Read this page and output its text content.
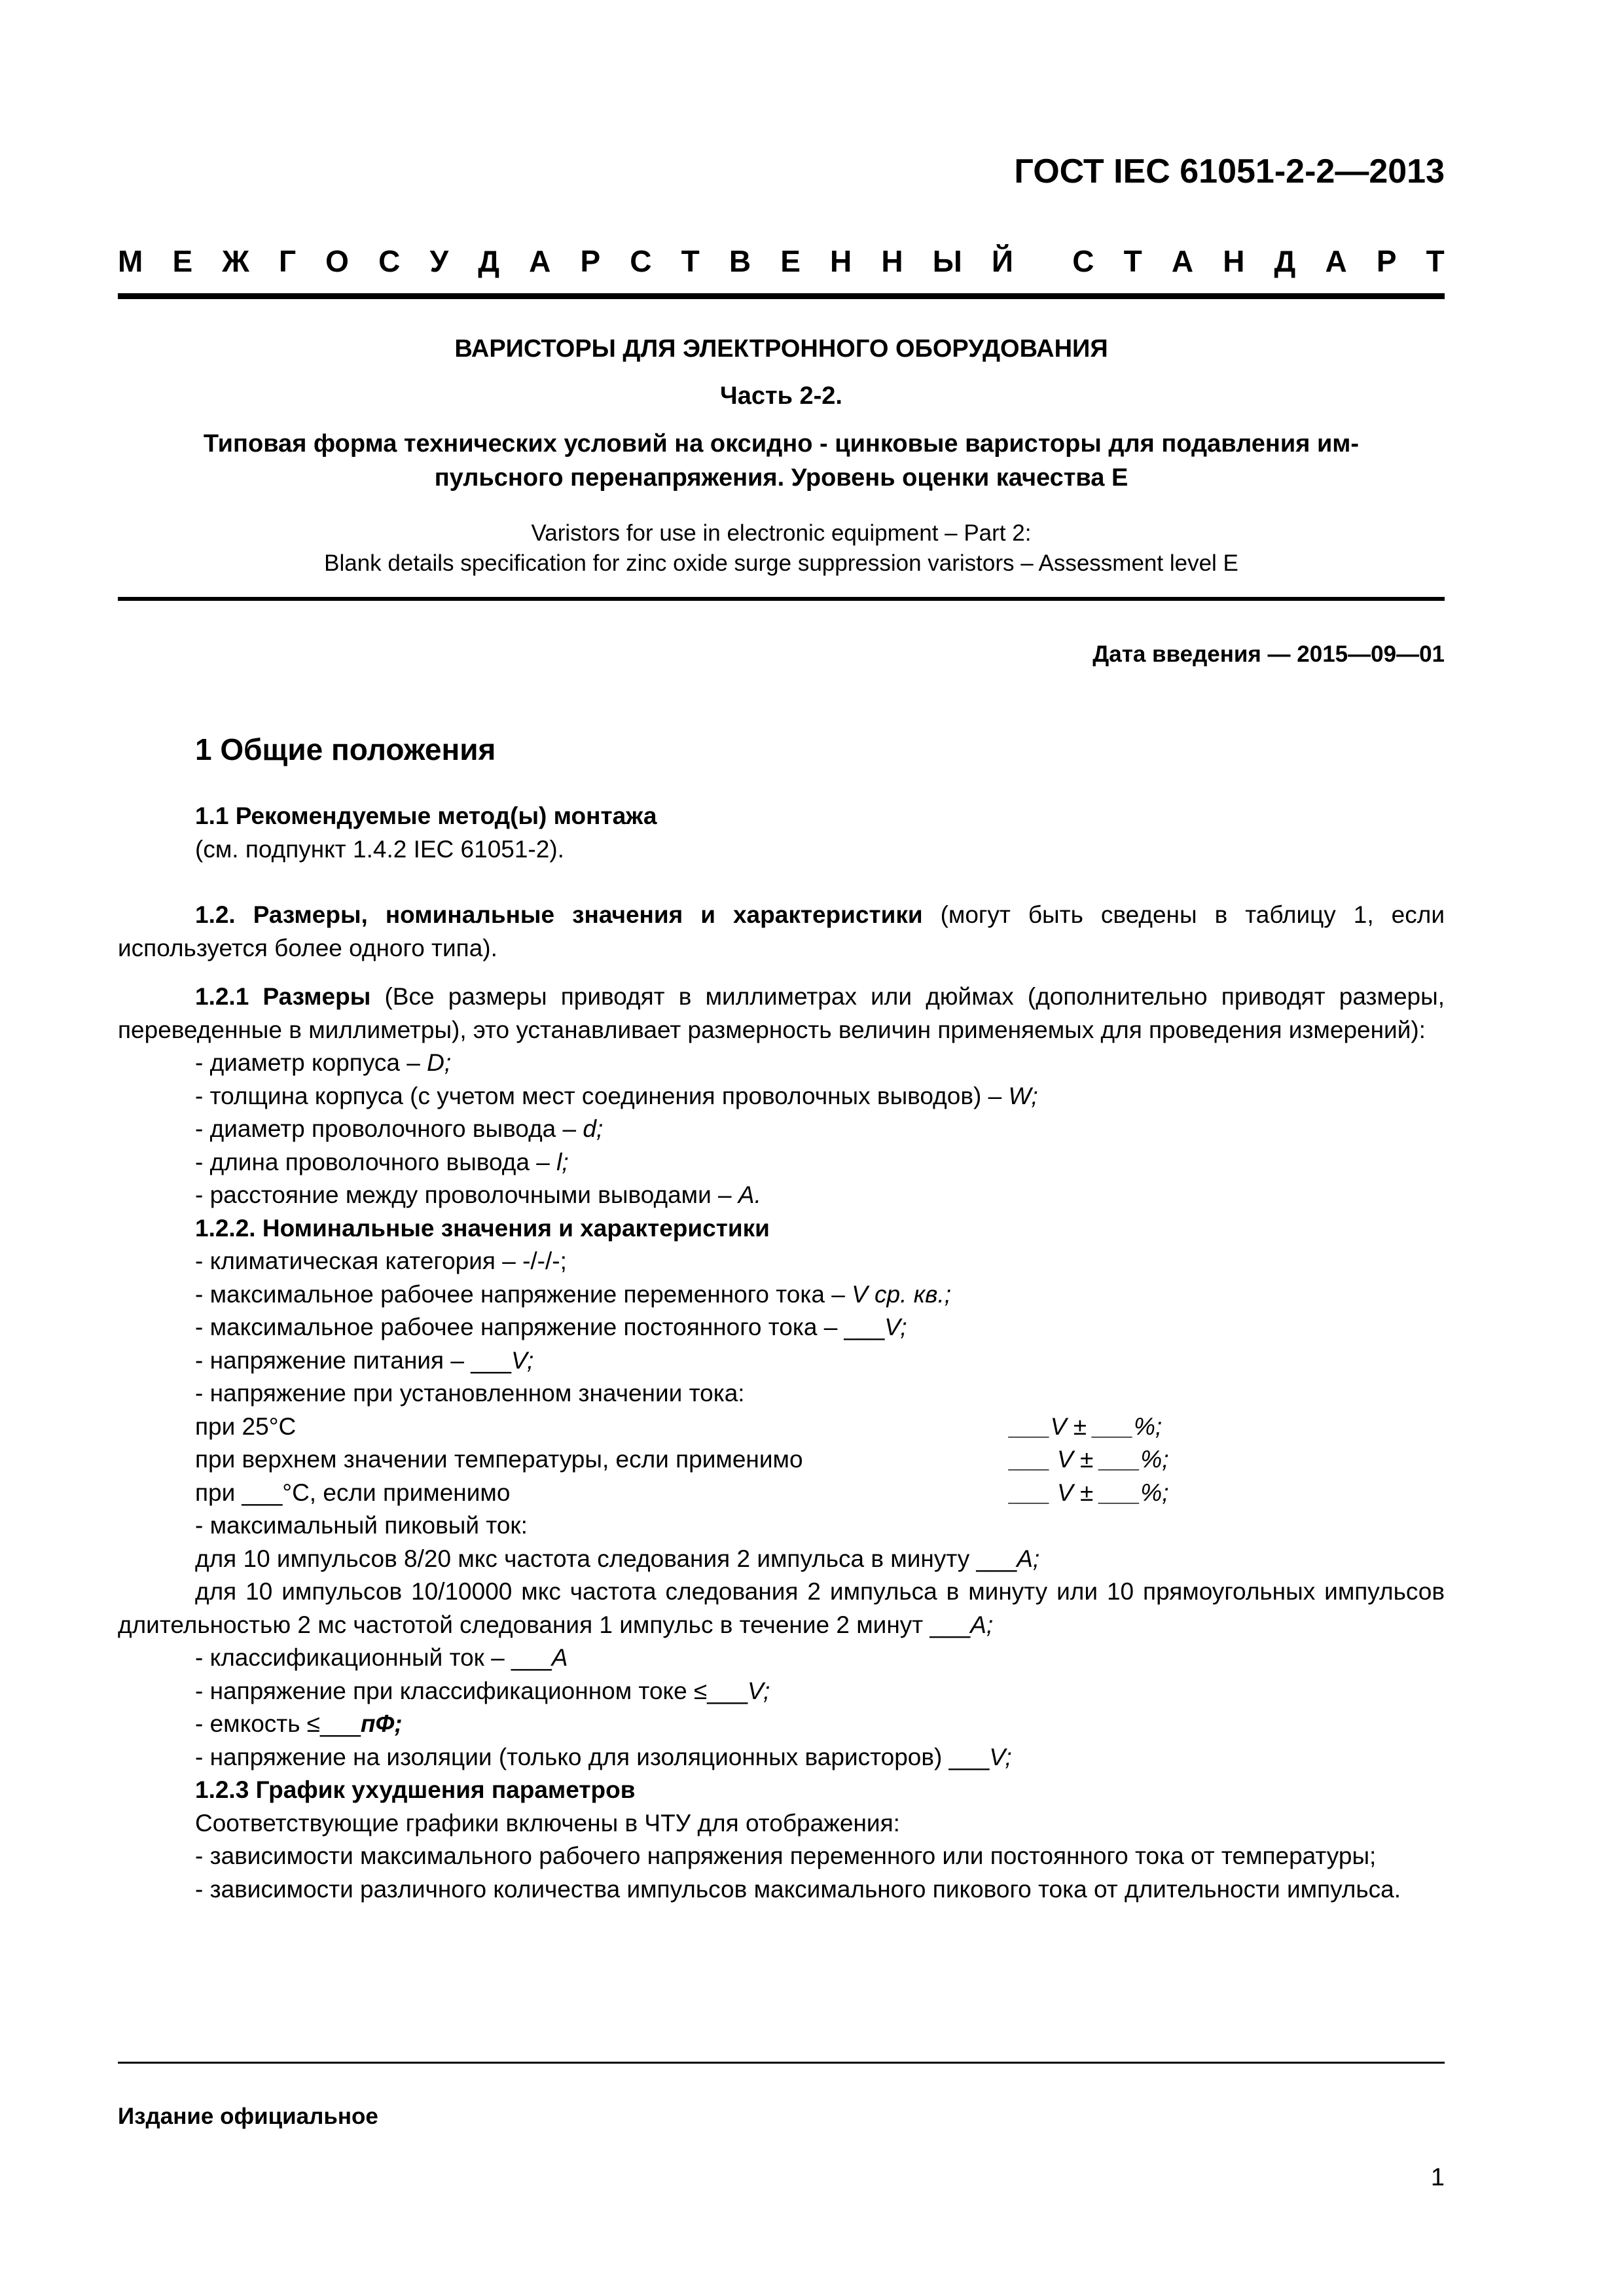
ГОСТ IEC 61051-2-2—2013
М Е Ж Г О С У Д А Р С Т В Е Н Н Ы Й С Т А Н Д А Р Т
ВАРИСТОРЫ ДЛЯ ЭЛЕКТРОННОГО ОБОРУДОВАНИЯ
Часть 2-2.
Типовая форма технических условий на оксидно - цинковые варисторы для подавления им-
пульсного перенапряжения. Уровень оценки качества Е
Varistors for use in electronic equipment – Part 2:
Blank details specification for zinc oxide surge suppression varistors – Assessment level E
Дата введения — 2015—09—01
1 Общие положения

1.1 Рекомендуемые метод(ы) монтажа

(см. подпункт 1.4.2 IEC 61051-2).

1.2. Размеры, номинальные значения и характеристики (могут быть сведены в таблицу 1, если используется более одного типа).

1.2.1 Размеры (Все размеры приводят в миллиметрах или дюймах (дополнительно приводят размеры, переведенные в миллиметры), это устанавливает размерность величин применяемых для проведения измерений):

- диаметр корпуса – D;

- толщина корпуса (с учетом мест соединения проволочных выводов) – W;

- диаметр проволочного вывода – d;

- длина проволочного вывода – l;

- расстояние между проволочными выводами – A.

1.2.2. Номинальные значения и характеристики

- климатическая категория – -/-/-;

- максимальное рабочее напряжение переменного тока – V ср. кв.;

- максимальное рабочее напряжение постоянного тока – ___V;

- напряжение питания – ___V;

- напряжение при установленном значении тока:

при 25°С	___V ± ___%;
при верхнем значении температуры, если применимо	___ V ± ___%;
при ___°С, если применимо	___ V ± ___%;

- максимальный пиковый ток:

для 10 импульсов 8/20 мкс частота следования 2 импульса в минуту ___A;

для 10 импульсов 10/10000 мкс частота следования 2 импульса в минуту или 10 прямоугольных импульсов длительностью 2 мс частотой следования 1 импульс в течение 2 минут ___A;

- классификационный ток – ___A

- напряжение при классификационном токе ≤___V;

- емкость ≤___пФ;

- напряжение на изоляции (только для изоляционных варисторов) ___V;

1.2.3 График ухудшения параметров

Соответствующие графики включены в ЧТУ для отображения:

- зависимости максимального рабочего напряжения переменного или постоянного тока от температуры;

- зависимости различного количества импульсов максимального пикового тока от длительности импульса.

Издание официальное
1
